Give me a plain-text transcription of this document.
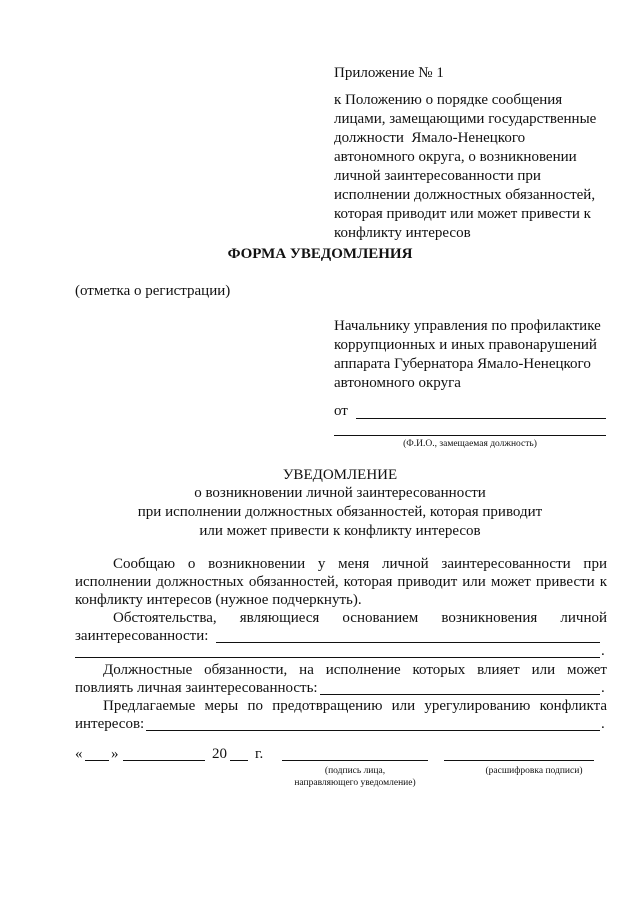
Приложение № 1
к Положению о порядке сообщения
лицами, замещающими государственные
должности  Ямало-Ненецкого
автономного округа, о возникновении
личной заинтересованности при
исполнении должностных обязанностей,
которая приводит или может привести к
конфликту интересов
ФОРМА УВЕДОМЛЕНИЯ
(отметка о регистрации)
Начальнику управления по профилактике
коррупционных и иных правонарушений
аппарата Губернатора Ямало-Ненецкого
автономного округа
от
(Ф.И.О., замещаемая должность)
УВЕДОМЛЕНИЕ
о возникновении личной заинтересованности
при исполнении должностных обязанностей, которая приводит
или может привести к конфликту интересов
Сообщаю о возникновении у меня личной заинтересованности при
исполнении должностных обязанностей, которая приводит или может привести к
конфликту интересов (нужное подчеркнуть).
Обстоятельства, являющиеся основанием возникновения личной
заинтересованности:
.
Должностные обязанности, на исполнение которых влияет или может
повлиять личная заинтересованность:	.
Предлагаемые меры по предотвращению или урегулированию конфликта
интересов:	.
« »	20 г.
(подпись лица,
направляющего уведомление)
(расшифровка подписи)
